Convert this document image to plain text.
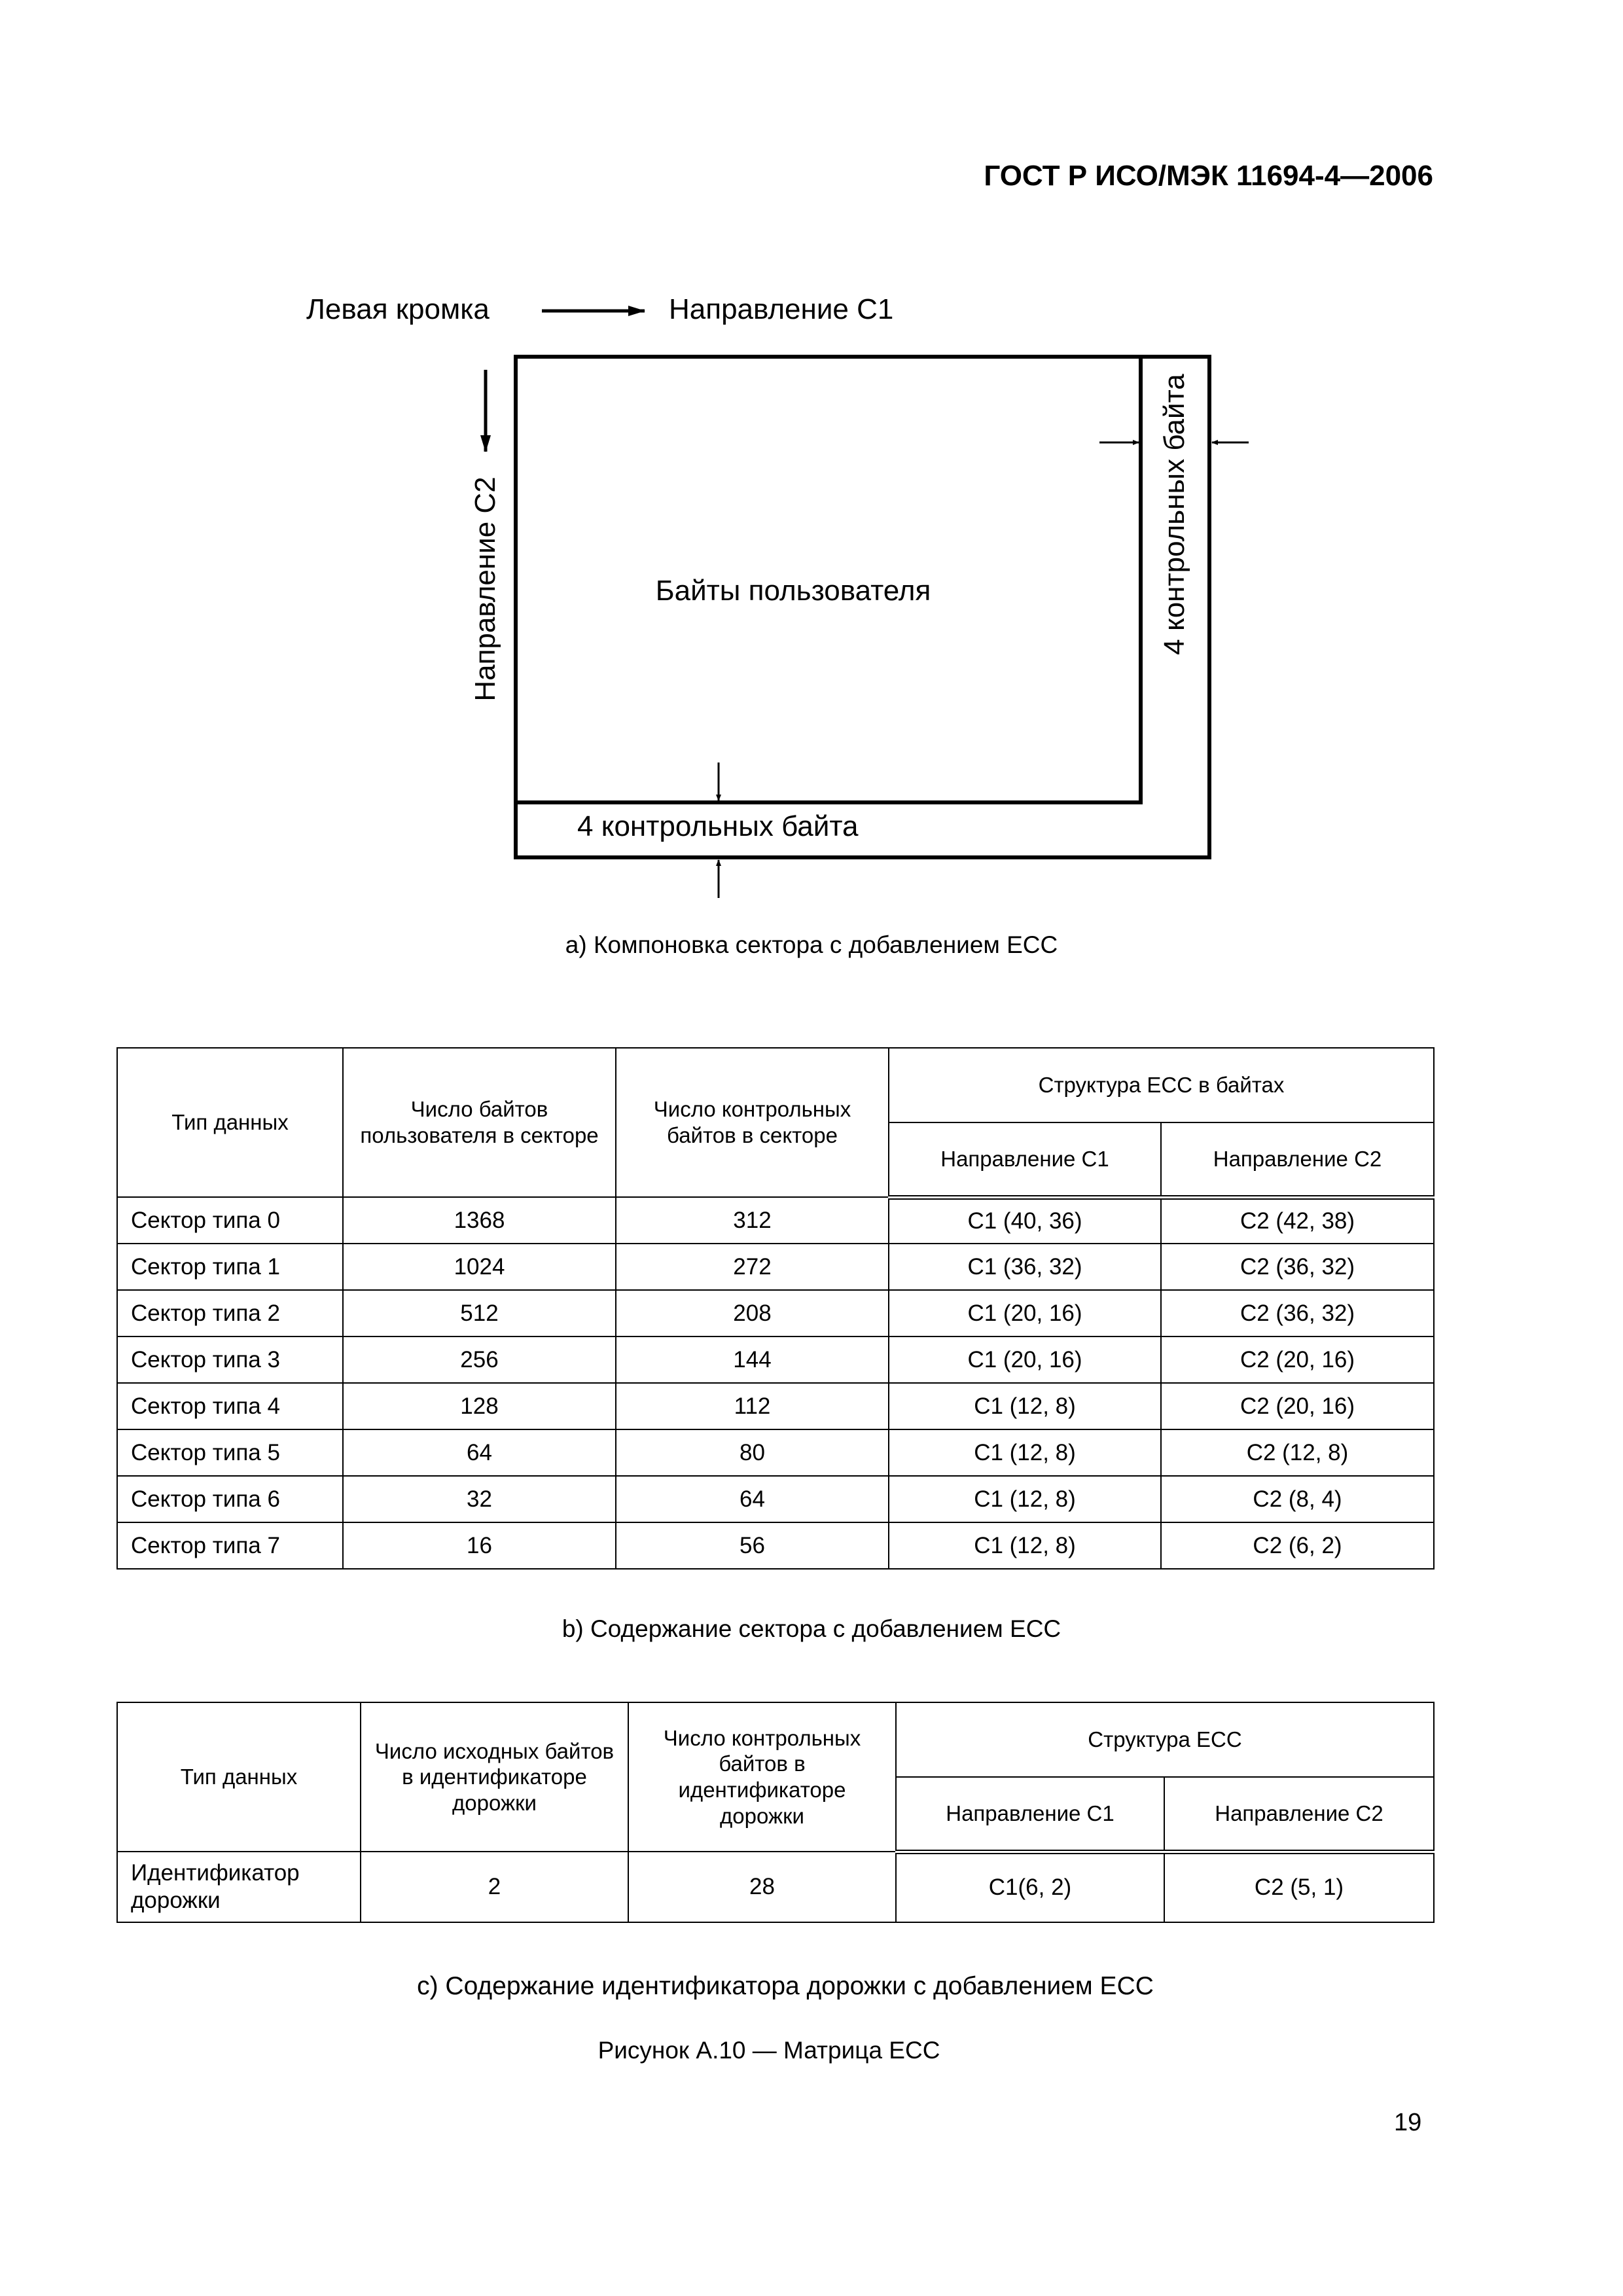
ГОСТ Р ИСО/МЭК 11694-4—2006
Левая кромка	Направление С1
Направление С2	Байты пользователя	4 контрольных байта
4 контрольных байта
а) Компоновка сектора с добавлением ЕСС
Тип данных	Число байтов пользователя в секторе	Число контрольных байтов в секторе	Структура ЕСС в байтах	
			Направление С1	Направление С2
Сектор типа 0	1368	312	С1 (40, 36)	С2 (42, 38)
Сектор типа 1	1024	272	С1 (36, 32)	С2 (36, 32)
Сектор типа 2	512	208	С1 (20, 16)	С2 (36, 32)
Сектор типа 3	256	144	С1 (20, 16)	С2 (20, 16)
Сектор типа 4	128	112	С1 (12, 8)	С2 (20, 16)
Сектор типа 5	64	80	С1 (12, 8)	С2 (12, 8)
Сектор типа 6	32	64	С1 (12, 8)	С2 (8, 4)
Сектор типа 7	16	56	С1 (12, 8)	С2 (6, 2)
b) Содержание сектора с добавлением ЕСС
Тип данных	Число исходных байтов в идентификаторе дорожки	Число контрольных байтов в идентификаторе дорожки	Структура ЕСС	
			Направление С1	Направление С2
Идентификатор дорожки	2	28	С1(6, 2)	С2 (5, 1)
с) Содержание идентификатора дорожки с добавлением ЕСС
Рисунок А.10 — Матрица ЕСС
19
